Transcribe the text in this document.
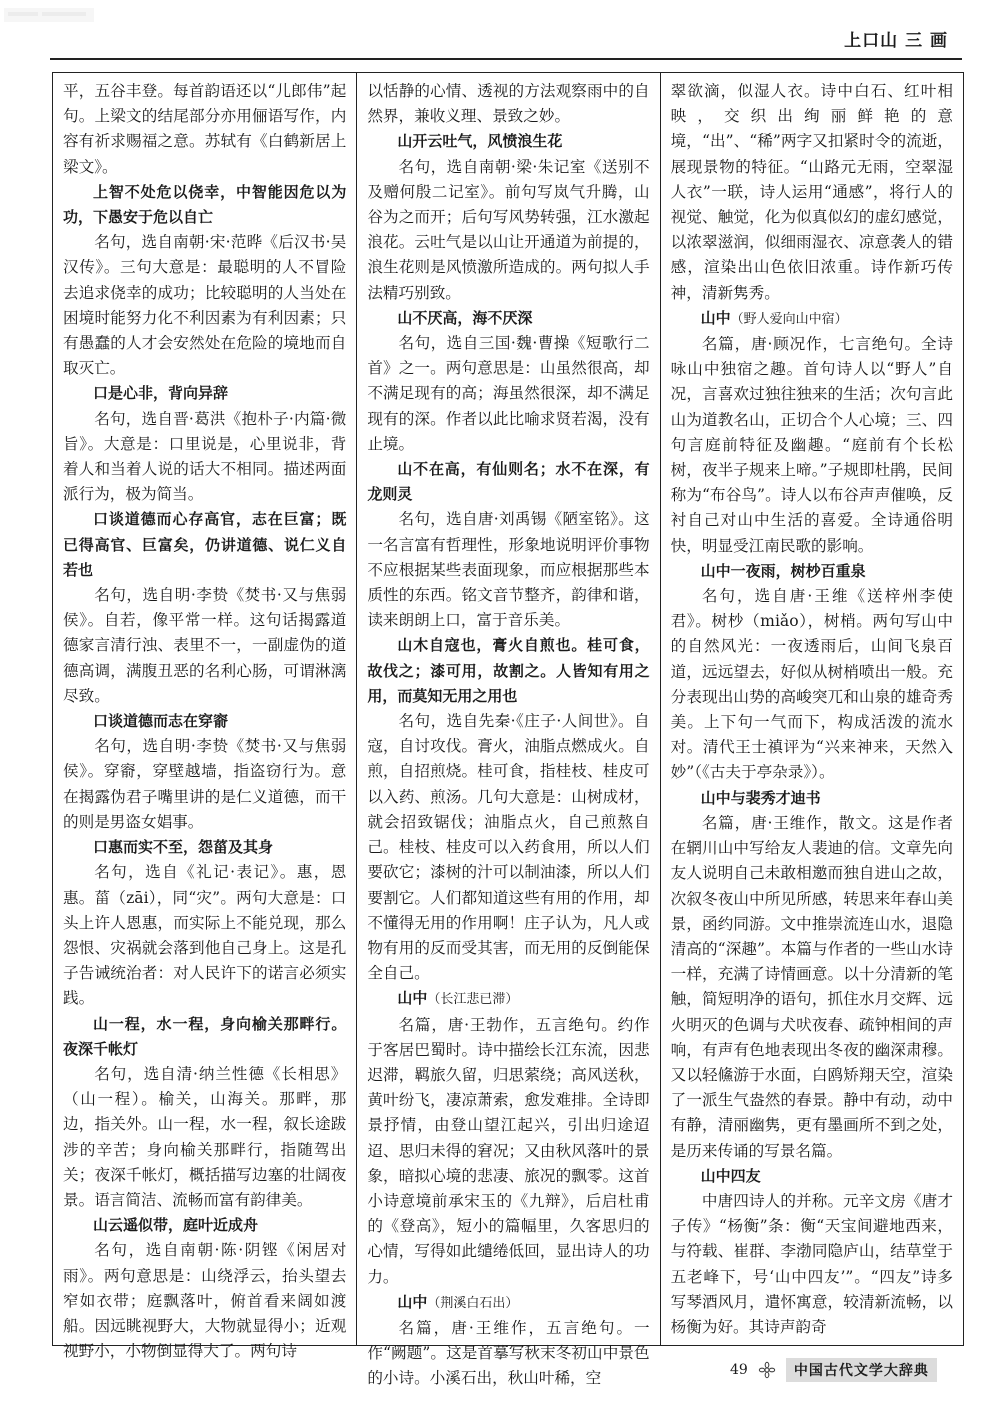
上口山 三 画

平，五谷丰登。每首韵语还以“儿郎伟”起句。上梁文的结尾部分亦用俪语写作，内容有祈求赐福之意。苏轼有《白鹤新居上梁文》。

上智不处危以侥幸，中智能因危以为功，下愚安于危以自亡

名句，选自南朝·宋·范晔《后汉书·吴汉传》。三句大意是：最聪明的人不冒险去追求侥幸的成功；比较聪明的人当处在困境时能努力化不利因素为有利因素；只有愚蠢的人才会安然处在危险的境地而自取灭亡。

口是心非，背向异辞

名句，选自晋·葛洪《抱朴子·内篇·微旨》。大意是：口里说是，心里说非，背着人和当着人说的话大不相同。描述两面派行为，极为简当。

口谈道德而心存高官，志在巨富；既已得高官、巨富矣，仍讲道德、说仁义自若也

名句，选自明·李贽《焚书·又与焦弱侯》。自若，像平常一样。这句话揭露道德家言清行浊、表里不一，一副虚伪的道德高调，满腹丑恶的名利心肠，可谓淋漓尽致。

口谈道德而志在穿窬

名句，选自明·李贽《焚书·又与焦弱侯》。穿窬，穿壁越墙，指盗窃行为。意在揭露伪君子嘴里讲的是仁义道德，而干的则是男盗女娼事。

口惠而实不至，怨菑及其身

名句，选自《礼记·表记》。惠，恩惠。菑（zāi），同“灾”。两句大意是：口头上许人恩惠，而实际上不能兑现，那么怨恨、灾祸就会落到他自己身上。这是孔子告诫统治者：对人民许下的诺言必须实践。

山一程，水一程，身向榆关那畔行。夜深千帐灯

名句，选自清·纳兰性德《长相思》（山一程）。榆关，山海关。那畔，那边，指关外。山一程，水一程，叙长途跋涉的辛苦；身向榆关那畔行，指随驾出关；夜深千帐灯，概括描写边塞的壮阔夜景。语言简洁、流畅而富有韵律美。

山云遥似带，庭叶近成舟

名句，选自南朝·陈·阴铿《闲居对雨》。两句意思是：山绕浮云，抬头望去窄如衣带；庭飘落叶，俯首看来阔如渡船。因远眺视野大，大物就显得小；近观视野小，小物倒显得大了。两句诗

以恬静的心情、透视的方法观察雨中的自然界，兼收义理、景致之妙。

山开云吐气，风愤浪生花

名句，选自南朝·梁·朱记室《送别不及赠何殷二记室》。前句写岚气升腾，山谷为之而开；后句写风势转强，江水激起浪花。云吐气是以山让开通道为前提的，浪生花则是风愤激所造成的。两句拟人手法精巧别致。

山不厌高，海不厌深

名句，选自三国·魏·曹操《短歌行二首》之一。两句意思是：山虽然很高，却不满足现有的高；海虽然很深，却不满足现有的深。作者以此比喻求贤若渴，没有止境。

山不在高，有仙则名；水不在深，有龙则灵

名句，选自唐·刘禹锡《陋室铭》。这一名言富有哲理性，形象地说明评价事物不应根据某些表面现象，而应根据那些本质性的东西。铭文音节整齐，韵律和谐，读来朗朗上口，富于音乐美。

山木自寇也，膏火自煎也。桂可食，故伐之；漆可用，故割之。人皆知有用之用，而莫知无用之用也

名句，选自先秦·《庄子·人间世》。自寇，自讨攻伐。膏火，油脂点燃成火。自煎，自招煎烧。桂可食，指桂枝、桂皮可以入药、煎汤。几句大意是：山树成材，就会招致锯伐；油脂点火，自己煎熬自己。桂枝、桂皮可以入药食用，所以人们要砍它；漆树的汁可以制油漆，所以人们要割它。人们都知道这些有用的作用，却不懂得无用的作用啊！庄子认为，凡人或物有用的反而受其害，而无用的反倒能保全自己。

山中（长江悲已滞）

名篇，唐·王勃作，五言绝句。约作于客居巴蜀时。诗中描绘长江东流，因悲迟滞，羁旅久留，归思萦绕；高风送秋，黄叶纷飞，凄凉萧索，愈发难排。全诗即景抒情，由登山望江起兴，引出归途迢迢、思归未得的窘况；又由秋风落叶的景象，暗拟心境的悲凄、旅况的飘零。这首小诗意境前承宋玉的《九辩》，后启杜甫的《登高》，短小的篇幅里，久客思归的心情，写得如此缱绻低回，显出诗人的功力。

山中（荆溪白石出）

名篇，唐·王维作，五言绝句。一作“阙题”。这是首摹写秋末冬初山中景色的小诗。小溪石出，秋山叶稀，空

翠欲滴，似湿人衣。诗中白石、红叶相映，交织出绚丽鲜艳的意境，“出”、“稀”两字又扣紧时令的流逝，展现景物的特征。“山路元无雨，空翠湿人衣”一联，诗人运用“通感”，将行人的视觉、触觉，化为似真似幻的虚幻感觉，以浓翠滋润，似细雨湿衣、凉意袭人的错感，渲染出山色依旧浓重。诗作新巧传神，清新隽秀。

山中（野人爱向山中宿）

名篇，唐·顾况作，七言绝句。全诗咏山中独宿之趣。首句诗人以“野人”自况，言喜欢过独往独来的生活；次句言此山为道教名山，正切合个人心境；三、四句言庭前特征及幽趣。“庭前有个长松树，夜半子规来上啼。”子规即杜鹃，民间称为“布谷鸟”。诗人以布谷声声催唤，反衬自己对山中生活的喜爱。全诗通俗明快，明显受江南民歌的影响。

山中一夜雨，树杪百重泉

名句，选自唐·王维《送梓州李使君》。树杪（miǎo），树梢。两句写山中的自然风光：一夜透雨后，山间飞泉百道，远远望去，好似从树梢喷出一般。充分表现出山势的高峻突兀和山泉的雄奇秀美。上下句一气而下，构成活泼的流水对。清代王士禛评为“兴来神来，天然入妙”（《古夫于亭杂录》）。

山中与裴秀才迪书

名篇，唐·王维作，散文。这是作者在辋川山中写给友人裴迪的信。文章先向友人说明自己未敢相邀而独自进山之故，次叙冬夜山中所见所感，转思来年春山美景，函约同游。文中推崇流连山水，退隐清高的“深趣”。本篇与作者的一些山水诗一样，充满了诗情画意。以十分清新的笔触，简短明净的语句，抓住水月交辉、远火明灭的色调与犬吠夜春、疏钟相间的声响，有声有色地表现出冬夜的幽深肃穆。又以轻鯈游于水面，白鸥矫翔天空，渲染了一派生气盎然的春景。静中有动，动中有静，清丽幽隽，更有墨画所不到之处，是历来传诵的写景名篇。

山中四友

中唐四诗人的并称。元辛文房《唐才子传》“杨衡”条：衡“天宝间避地西来，与符载、崔群、李渤同隐庐山，结草堂于五老峰下，号‘山中四友’”。“四友”诗多写琴酒风月，遣怀寓意，较清新流畅，以杨衡为好。其诗声韵奇

49	中国古代文学大辞典
